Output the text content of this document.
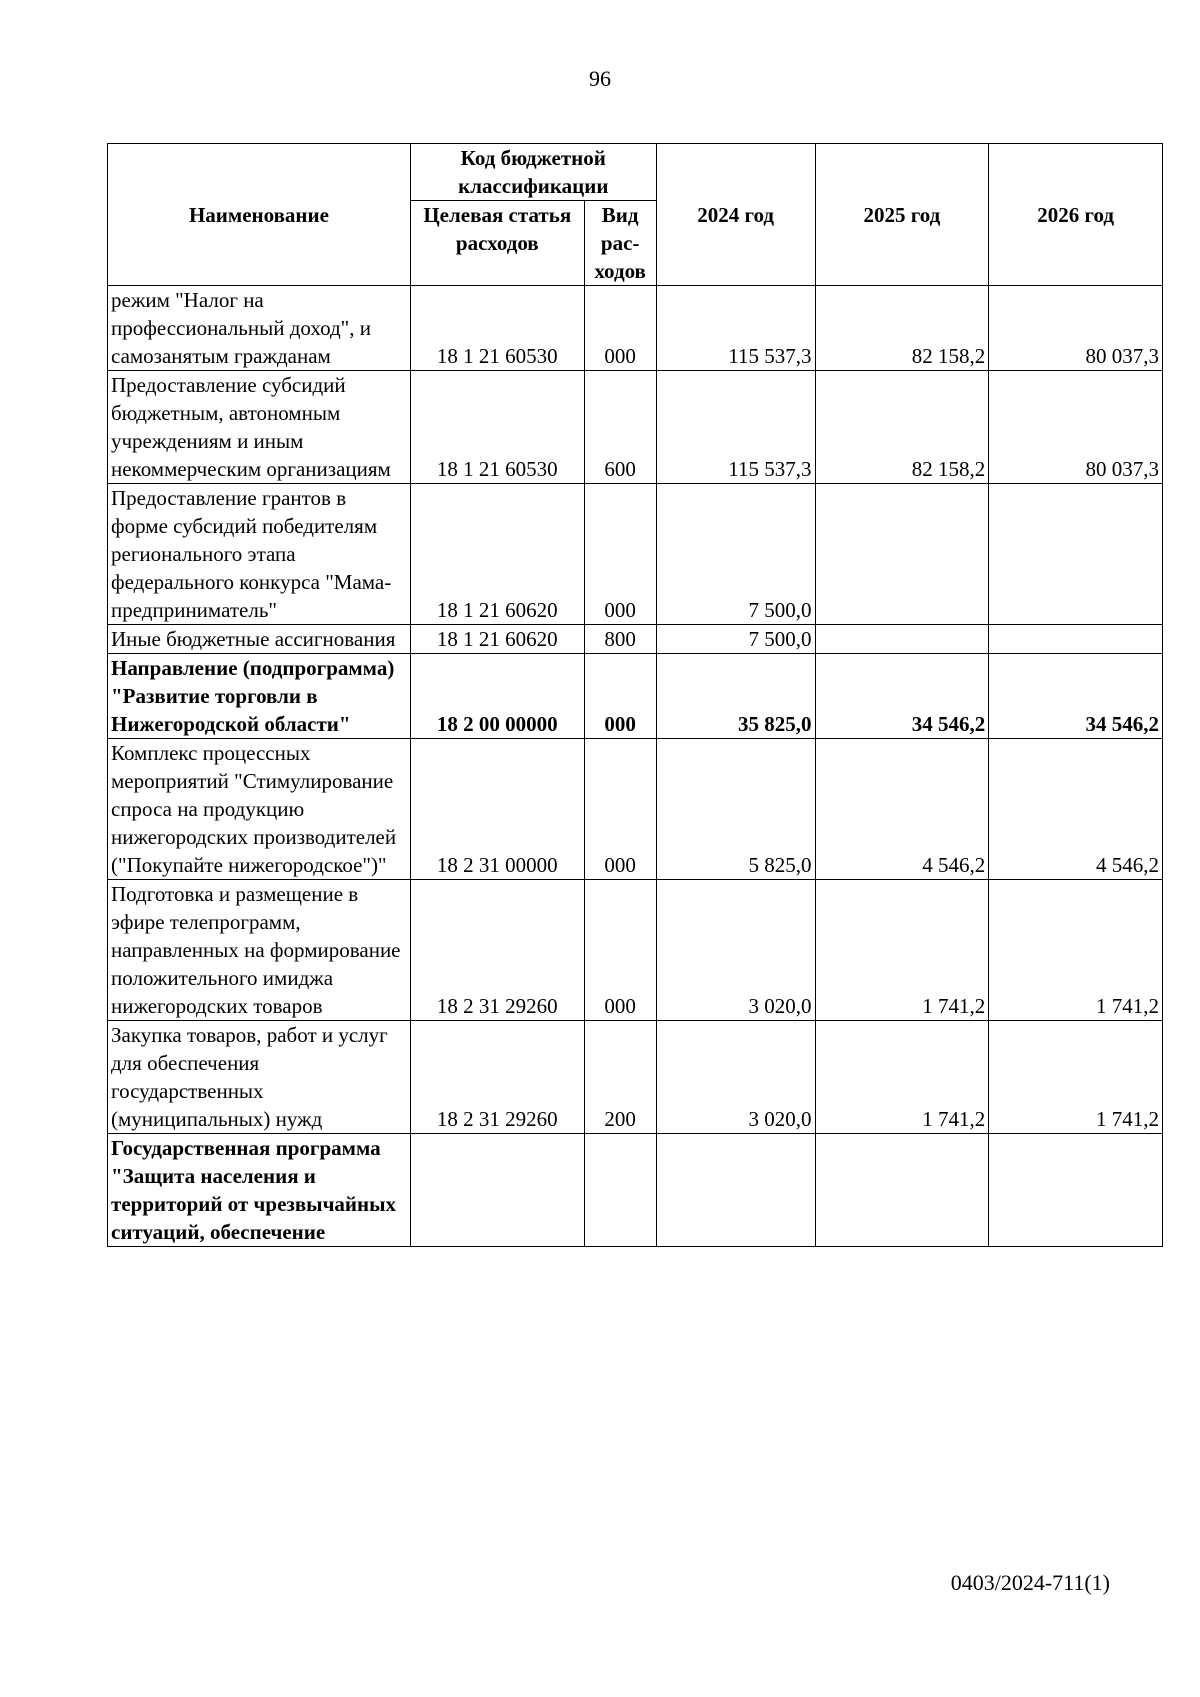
96
Наименование	Код бюджетной классификации		2024 год	2025 год	2026 год
	Целевая статья расходов	Вид рас-ходов			
режим "Налог на профессиональный доход", и самозанятым гражданам	18 1 21 60530	000	115 537,3	82 158,2	80 037,3
Предоставление субсидий бюджетным, автономным учреждениям и иным некоммерческим организациям	18 1 21 60530	600	115 537,3	82 158,2	80 037,3
Предоставление грантов в форме субсидий победителям регионального этапа федерального конкурса "Мама-предприниматель"	18 1 21 60620	000	7 500,0		
Иные бюджетные ассигнования	18 1 21 60620	800	7 500,0		
Направление (подпрограмма) "Развитие торговли в Нижегородской области"	18 2 00 00000	000	35 825,0	34 546,2	34 546,2
Комплекс процессных мероприятий "Стимулирование спроса на продукцию нижегородских производителей ("Покупайте нижегородское")"	18 2 31 00000	000	5 825,0	4 546,2	4 546,2
Подготовка и размещение в эфире телепрограмм, направленных на формирование положительного имиджа нижегородских товаров	18 2 31 29260	000	3 020,0	1 741,2	1 741,2
Закупка товаров, работ и услуг для обеспечения государственных (муниципальных) нужд	18 2 31 29260	200	3 020,0	1 741,2	1 741,2
Государственная программа "Защита населения и территорий от чрезвычайных ситуаций, обеспечение					
0403/2024-711(1)
